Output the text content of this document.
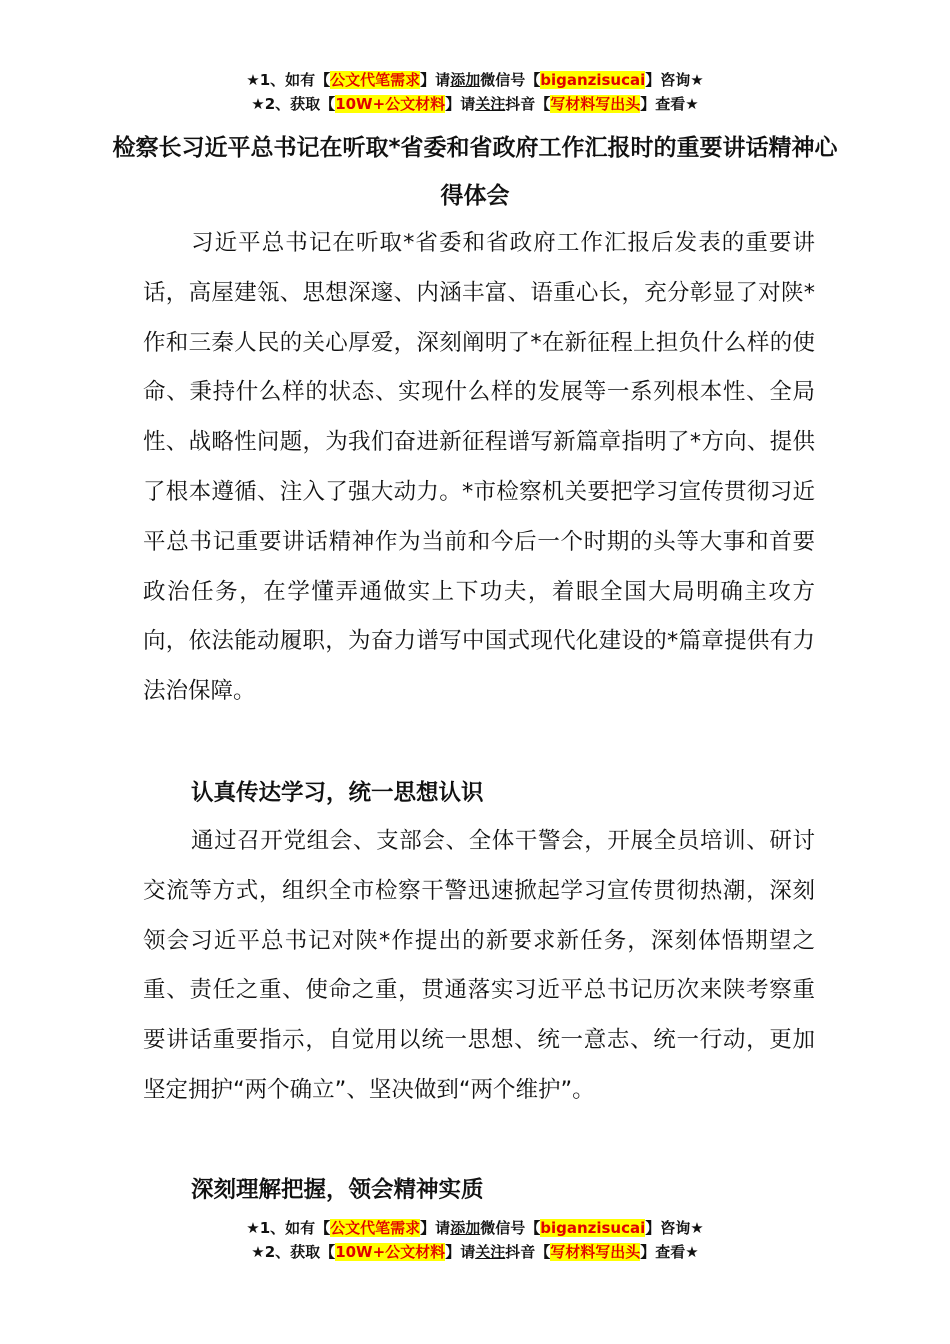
★1、如有【公文代笔需求】请添加微信号【biganzisucai】咨询★
★2、获取【10W+公文材料】请关注抖音【写材料写出头】查看★
检察长习近平总书记在听取*省委和省政府工作汇报时的重要讲话精神心得体会

习近平总书记在听取*省委和省政府工作汇报后发表的重要讲话，高屋建瓴、思想深邃、内涵丰富、语重心长，充分彰显了对陕*作和三秦人民的关心厚爱，深刻阐明了*在新征程上担负什么样的使命、秉持什么样的状态、实现什么样的发展等一系列根本性、全局性、战略性问题，为我们奋进新征程谱写新篇章指明了*方向、提供了根本遵循、注入了强大动力。*市检察机关要把学习宣传贯彻习近平总书记重要讲话精神作为当前和今后一个时期的头等大事和首要政治任务，在学懂弄通做实上下功夫，着眼全国大局明确主攻方向，依法能动履职，为奋力谱写中国式现代化建设的*篇章提供有力法治保障。

认真传达学习，统一思想认识

通过召开党组会、支部会、全体干警会，开展全员培训、研讨交流等方式，组织全市检察干警迅速掀起学习宣传贯彻热潮，深刻领会习近平总书记对陕*作提出的新要求新任务，深刻体悟期望之重、责任之重、使命之重，贯通落实习近平总书记历次来陕考察重要讲话重要指示，自觉用以统一思想、统一意志、统一行动，更加坚定拥护“两个确立”、坚决做到“两个维护”。

深刻理解把握，领会精神实质

★1、如有【公文代笔需求】请添加微信号【biganzisucai】咨询★
★2、获取【10W+公文材料】请关注抖音【写材料写出头】查看★
